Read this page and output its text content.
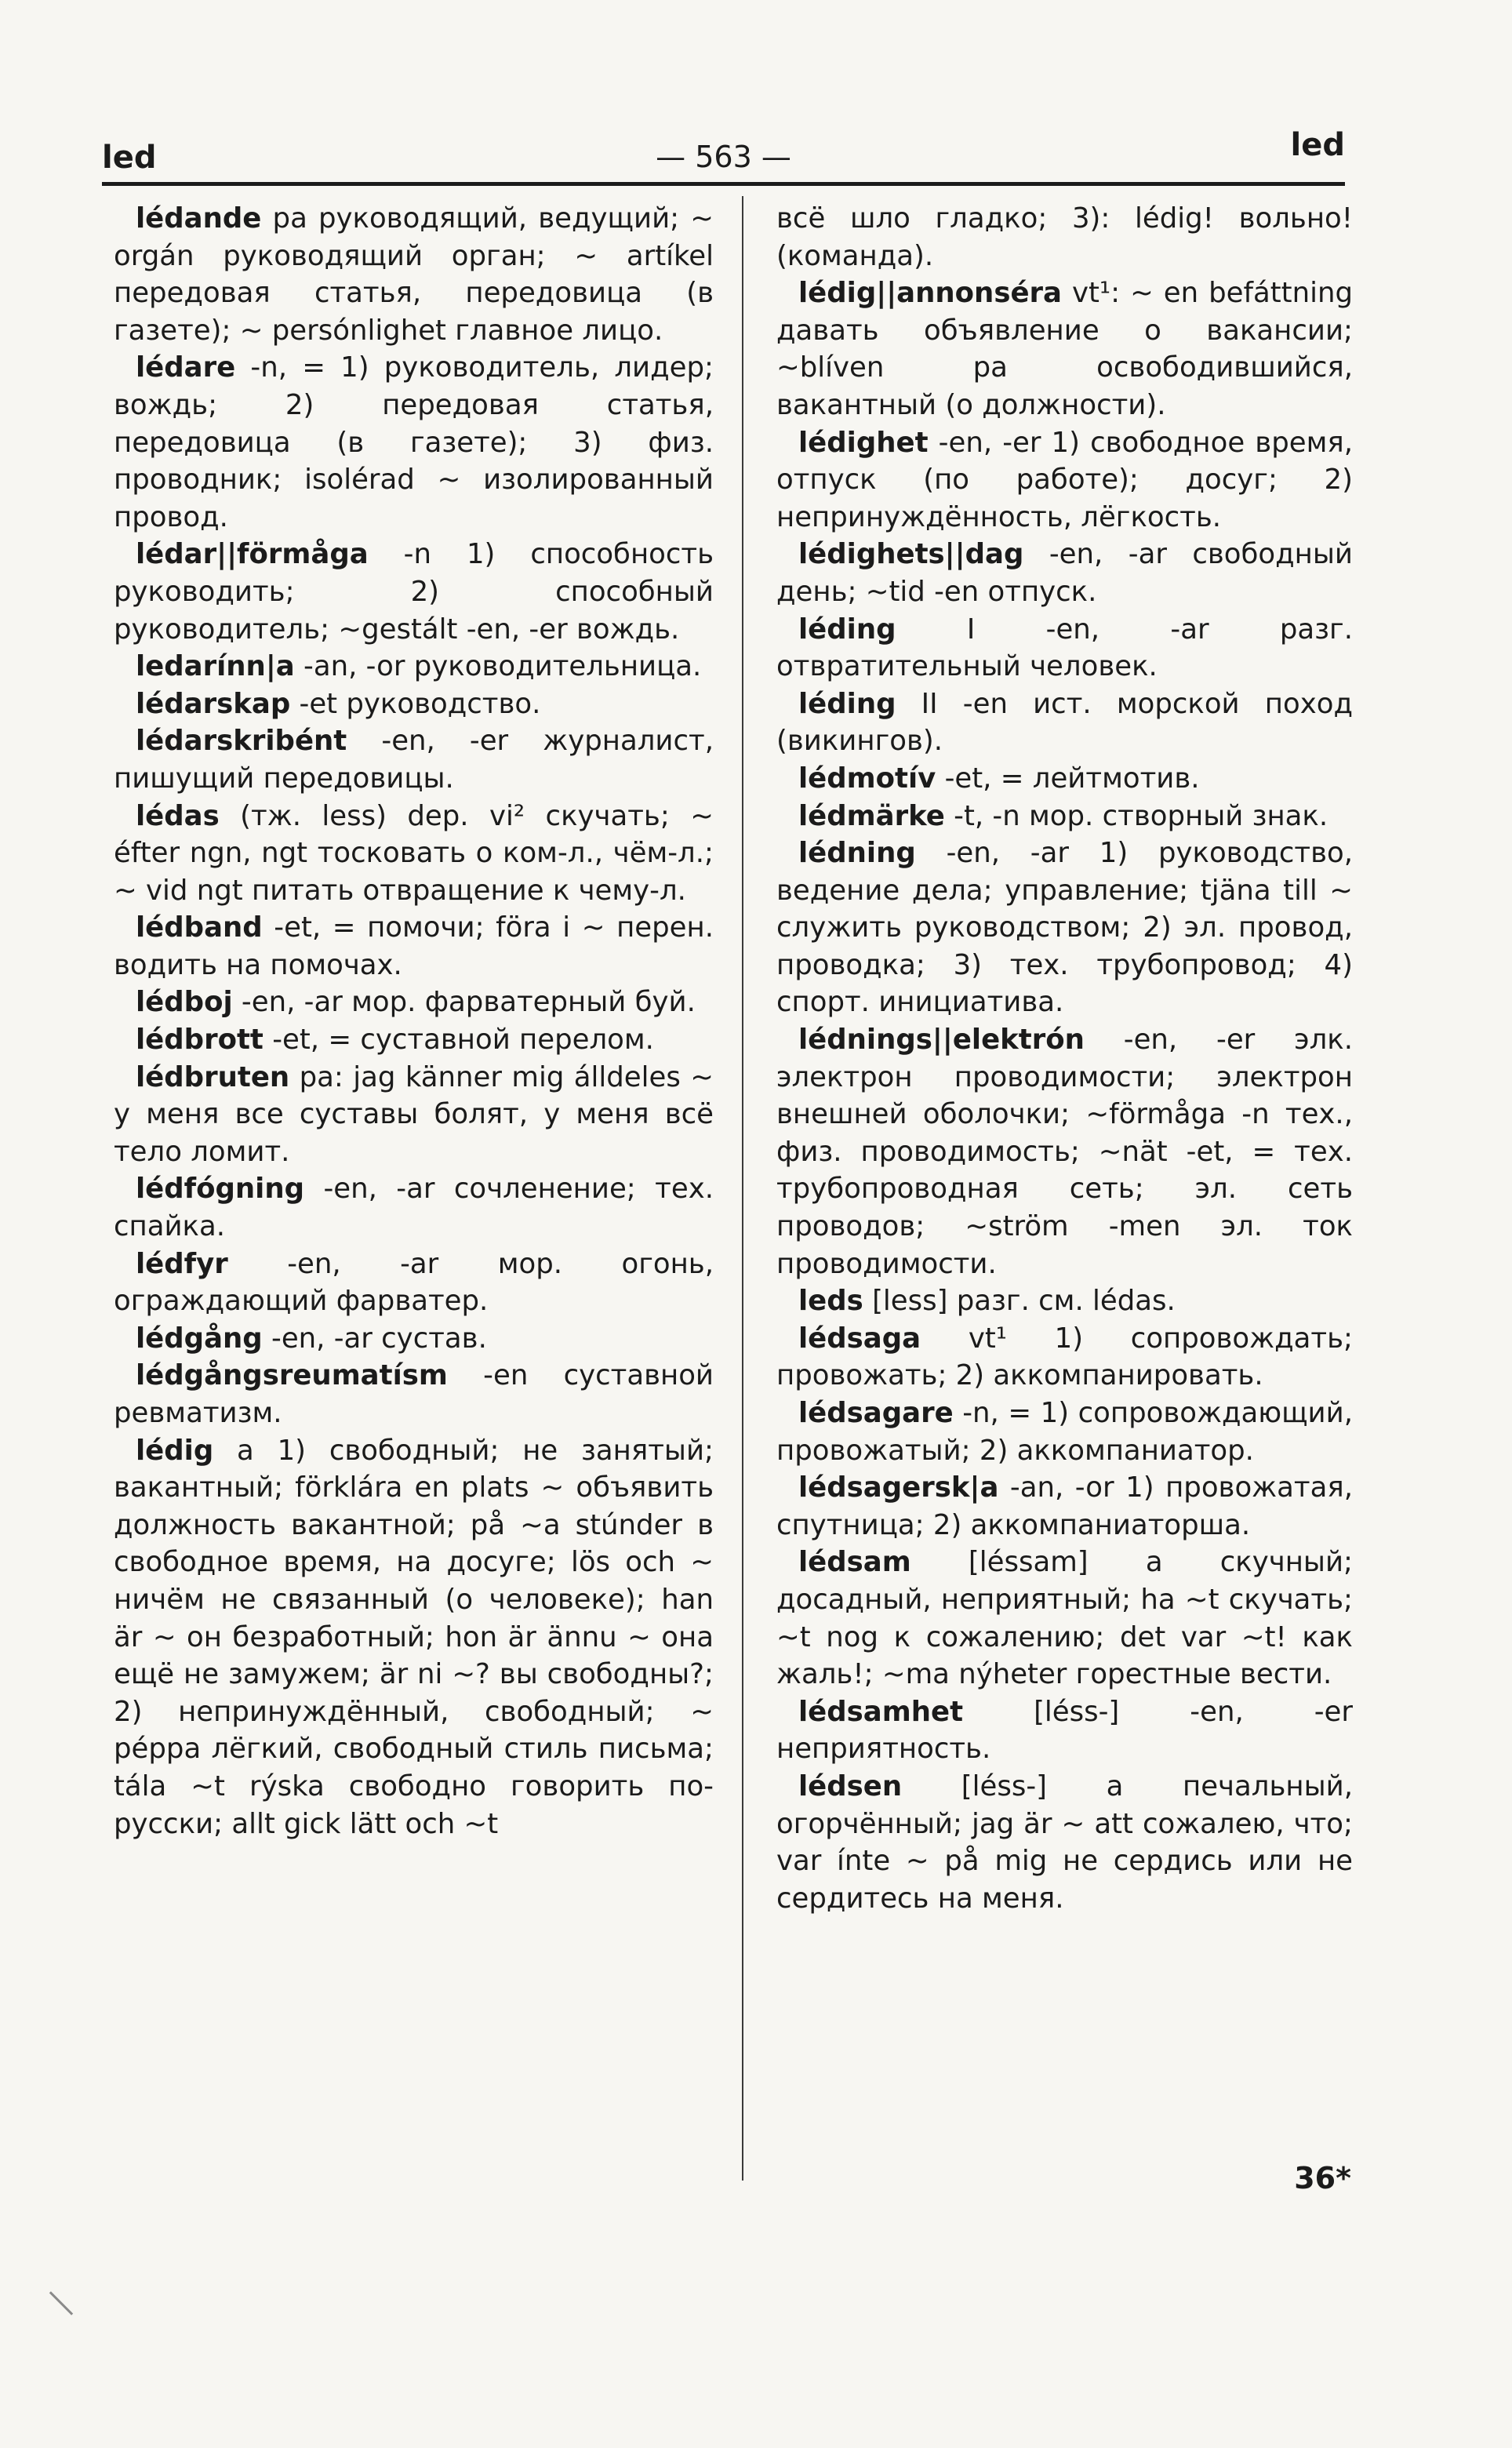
led	— 563 —	led

lédande pa руководящий, ведущий; ~ orgán руководящий орган; ~ artíkel передовая статья, передовица (в газете); ~ persónlighet главное лицо.

lédare -n, = 1) руководитель, лидер; вождь; 2) передовая статья, передовица (в газете); 3) физ. проводник; isolérad ~ изолированный провод.

lédar||förmåga -n 1) способность руководить; 2) способный руководитель; ~gestált -en, -er вождь.

ledarínn|a -an, -or руководительница.

lédarskap -et руководство.

lédarskribént -en, -er журналист, пишущий передовицы.

lédas (тж. less) dep. vi² скучать; ~ éfter ngn, ngt тосковать о ком-л., чём-л.; ~ vid ngt питать отвращение к чему-л.

lédband -et, = помочи; föra i ~ перен. водить на помочах.

lédboj -en, -ar мор. фарватерный буй.

lédbrott -et, = суставной перелом.

lédbruten pa: jag känner mig álldeles ~ у меня все суставы болят, у меня всё тело ломит.

lédfógning -en, -ar сочленение; тех. спайка.

lédfyr -en, -ar мор. огонь, ограждающий фарватер.

lédgång -en, -ar сустав.

lédgångsreumatísm -en суставной ревматизм.

lédig a 1) свободный; не занятый; вакантный; förklára en plats ~ объявить должность вакантной; på ~a stúnder в свободное время, на досуге; lös och ~ ничём не связанный (о человеке); han är ~ он безработный; hon är ännu ~ она ещё не замужем; är ni ~? вы свободны?; 2) непринуждённый, свободный; ~ péppa лёгкий, свободный стиль письма; tála ~t rýska свободно говорить по-русски; allt gick lätt och ~t

всё шло гладко; 3): lédig! вольно! (команда).

lédig||annonséra vt¹: ~ en befáttning давать объявление о вакансии; ~blíven pa освободившийся, вакантный (о должности).

lédighet -en, -er 1) свободное время, отпуск (по работе); досуг; 2) непринуждённость, лёгкость.

lédighets||dag -en, -ar свободный день; ~tid -en отпуск.

léding I -en, -ar разг. отвратительный человек.

léding II -en ист. морской поход (викингов).

lédmotív -et, = лейтмотив.

lédmärke -t, -n мор. створный знак.

lédning -en, -ar 1) руководство, ведение дела; управление; tjäna till ~ служить руководством; 2) эл. провод, проводка; 3) тех. трубопровод; 4) спорт. инициатива.

lédnings||elektrón -en, -er элк. электрон проводимости; электрон внешней оболочки; ~förmåga -n тех., физ. проводимость; ~nät -et, = тех. трубопроводная сеть; эл. сеть проводов; ~ström -men эл. ток проводимости.

leds [less] разг. см. lédas.

lédsaga vt¹ 1) сопровождать; провожать; 2) аккомпанировать.

lédsagare -n, = 1) сопровождающий, провожатый; 2) аккомпаниатор.

lédsagersk|a -an, -or 1) провожатая, спутница; 2) аккомпаниаторша.

lédsam [léssam] a скучный; досадный, неприятный; ha ~t скучать; ~t nog к сожалению; det var ~t! как жаль!; ~ma nýheter горестные вести.

lédsamhet [léss-] -en, -er неприятность.

lédsen [léss-] a печальный, огорчённый; jag är ~ att сожалею, что; var ínte ~ på mig не сердись или не сердитесь на меня.

36*
